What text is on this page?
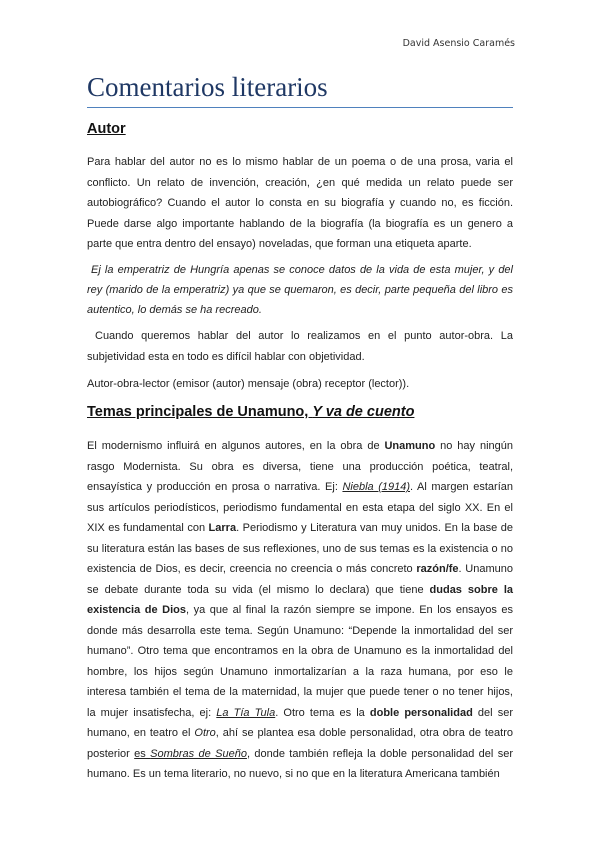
David Asensio Caramés
Comentarios literarios
Autor

Para hablar del autor no es lo mismo hablar de un poema o de una prosa, varia el conflicto. Un relato de invención, creación, ¿en qué medida un relato puede ser autobiográfico? Cuando el autor lo consta en su biografía y cuando no, es ficción. Puede darse algo importante hablando de la biografía (la biografía es un genero a parte que entra dentro del ensayo) noveladas, que forman una etiqueta aparte.

Ej la emperatriz de Hungría apenas se conoce datos de la vida de esta mujer, y del rey (marido de la emperatriz) ya que se quemaron, es decir, parte pequeña del libro es autentico, lo demás se ha recreado.

Cuando queremos hablar del autor lo realizamos en el punto autor-obra. La subjetividad esta en todo es difícil hablar con objetividad.

Autor-obra-lector (emisor (autor) mensaje (obra) receptor (lector)).

Temas principales de Unamuno, Y va de cuento

El modernismo influirá en algunos autores, en la obra de Unamuno no hay ningún rasgo Modernista. Su obra es diversa, tiene una producción poética, teatral, ensayística y producción en prosa o narrativa. Ej: Niebla (1914). Al margen estarían sus artículos periodísticos, periodismo fundamental en esta etapa del siglo XX. En el XIX es fundamental con Larra. Periodismo y Literatura van muy unidos. En la base de su literatura están las bases de sus reflexiones, uno de sus temas es la existencia o no existencia de Dios, es decir, creencia no creencia o más concreto razón/fe. Unamuno se debate durante toda su vida (el mismo lo declara) que tiene dudas sobre la existencia de Dios, ya que al final la razón siempre se impone. En los ensayos es donde más desarrolla este tema. Según Unamuno: “Depende la inmortalidad del ser humano”. Otro tema que encontramos en la obra de Unamuno es la inmortalidad del hombre, los hijos según Unamuno inmortalizarían a la raza humana, por eso le interesa también el tema de la maternidad, la mujer que puede tener o no tener hijos, la mujer insatisfecha, ej: La Tía Tula. Otro tema es la doble personalidad del ser humano, en teatro el Otro, ahí se plantea esa doble personalidad, otra obra de teatro posterior es Sombras de Sueño, donde también refleja la doble personalidad del ser humano. Es un tema literario, no nuevo, si no que en la literatura Americana también
